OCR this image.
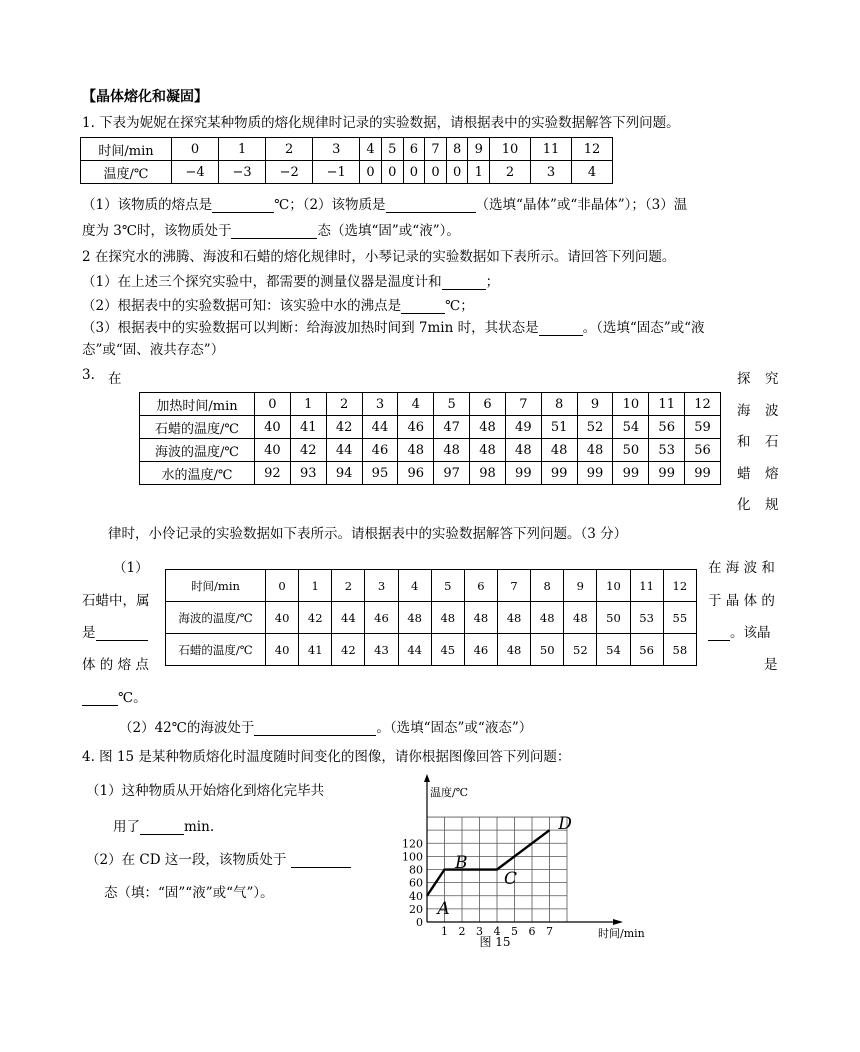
【晶体熔化和凝固】
1. 下表为妮妮在探究某种物质的熔化规律时记录的实验数据，请根据表中的实验数据解答下列问题。
时间/min	0	1	2	3	4	5	6	7	8	9	10	11	12
温度/℃	−4	−3	−2	−1	0	0	0	0	0	1	2	3	4
（1）该物质的熔点是	℃；（2）该物质是	（选填“晶体”或“非晶体”）；（3）温
度为 3℃时，该物质处于	态（选填“固”或“液”）。
2 在探究水的沸腾、海波和石蜡的熔化规律时，小琴记录的实验数据如下表所示。请回答下列问题。
（1）在上述三个探究实验中，都需要的测量仪器是温度计和	；
（2）根据表中的实验数据可知：该实验中水的沸点是	℃；
（3）根据表中的实验数据可以判断：给海波加热时间到 7min 时，其状态是	。（选填“固态”或“液
态”或“固、液共存态”）
3. 在	探 究
海 波
和 石
蜡 熔
化 规
加热时间/min	0	1	2	3	4	5	6	7	8	9	10	11	12
石蜡的温度/℃	40	41	42	44	46	47	48	49	51	52	54	56	59
海波的温度/℃	40	42	44	46	48	48	48	48	48	48	50	53	56
水的温度/℃	92	93	94	95	96	97	98	99	99	99	99	99	99
律时，小伶记录的实验数据如下表所示。请根据表中的实验数据解答下列问题。（3 分）
（1）
石蜡中，属
是
体 的 熔 点
℃。
在 海 波 和
于 晶 体 的
。该晶
是
时间/min	0	1	2	3	4	5	6	7	8	9	10	11	12
海波的温度/℃	40	42	44	46	48	48	48	48	48	48	50	53	55
石蜡的温度/℃	40	41	42	43	44	45	46	48	50	52	54	56	58
（2）42℃的海波处于	。（选填“固态”或“液态”）
4. 图 15 是某种物质熔化时温度随时间变化的图像，请你根据图像回答下列问题：
（1）这种物质从开始熔化到熔化完毕共
用了	min.
（2）在 CD 这一段，该物质处于
态（填：“固”“液”或“气”）。
0
20
40
60
80
100
120
1 2 3 4 5 6 7
温度/℃
时间/min
A
B
C
D
图 15
